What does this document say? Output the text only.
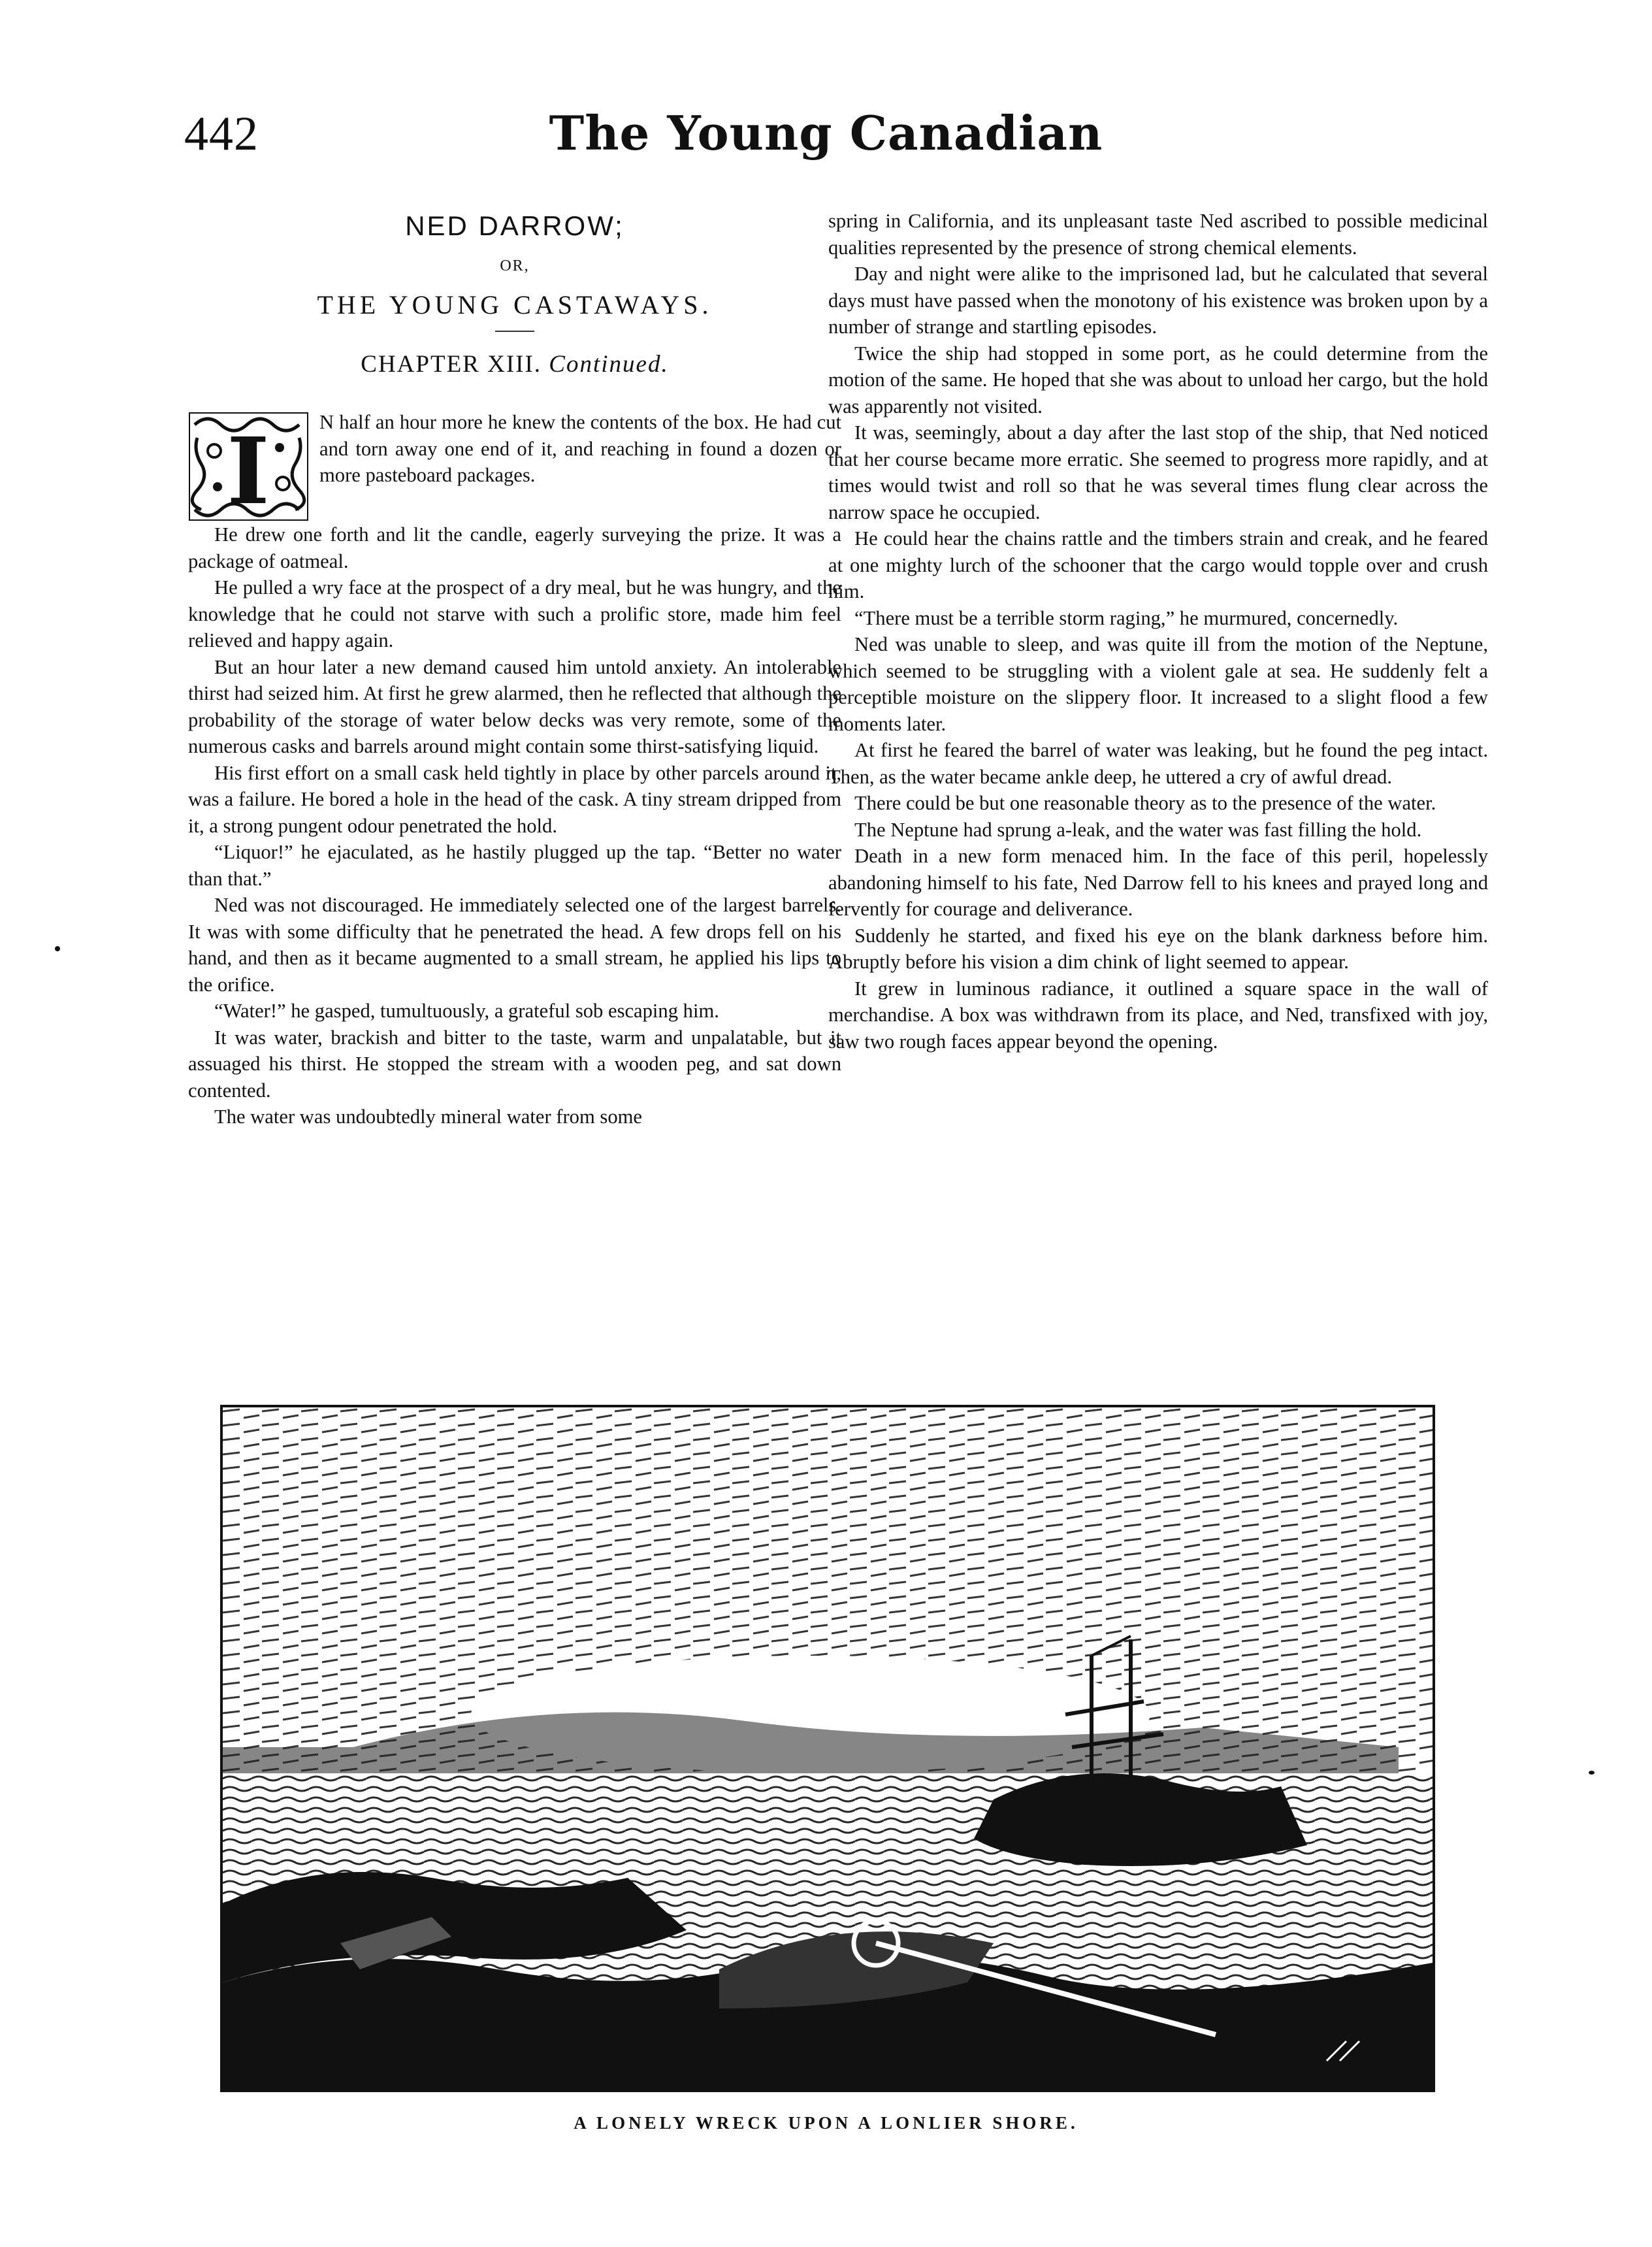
442	The Young Canadian
NED DARROW;
OR,
THE YOUNG CASTAWAYS.
CHAPTER XIII. Continued.
I	N half an hour more he knew the contents of the box. He had cut and torn away one end of it, and reaching in found a dozen or more pasteboard packages.

He drew one forth and lit the candle, eagerly surveying the prize. It was a package of oatmeal.

He pulled a wry face at the prospect of a dry meal, but he was hungry, and the knowledge that he could not starve with such a prolific store, made him feel relieved and happy again.

But an hour later a new demand caused him untold anxiety. An intolerable thirst had seized him. At first he grew alarmed, then he reflected that although the probability of the storage of water below decks was very remote, some of the numerous casks and barrels around might contain some thirst-satisfying liquid.

His first effort on a small cask held tightly in place by other parcels around it, was a failure. He bored a hole in the head of the cask. A tiny stream dripped from it, a strong pungent odour penetrated the hold.

“Liquor!” he ejaculated, as he hastily plugged up the tap. “Better no water than that.”

Ned was not discouraged. He immediately selected one of the largest barrels. It was with some difficulty that he penetrated the head. A few drops fell on his hand, and then as it became augmented to a small stream, he applied his lips to the orifice.

“Water!” he gasped, tumultuously, a grateful sob escaping him.

It was water, brackish and bitter to the taste, warm and unpalatable, but it assuaged his thirst. He stopped the stream with a wooden peg, and sat down contented.

The water was undoubtedly mineral water from some

spring in California, and its unpleasant taste Ned ascribed to possible medicinal qualities represented by the presence of strong chemical elements.

Day and night were alike to the imprisoned lad, but he calculated that several days must have passed when the monotony of his existence was broken upon by a number of strange and startling episodes.

Twice the ship had stopped in some port, as he could determine from the motion of the same. He hoped that she was about to unload her cargo, but the hold was apparently not visited.

It was, seemingly, about a day after the last stop of the ship, that Ned noticed that her course became more erratic. She seemed to progress more rapidly, and at times would twist and roll so that he was several times flung clear across the narrow space he occupied.

He could hear the chains rattle and the timbers strain and creak, and he feared at one mighty lurch of the schooner that the cargo would topple over and crush him.

“There must be a terrible storm raging,” he murmured, concernedly.

Ned was unable to sleep, and was quite ill from the motion of the Neptune, which seemed to be struggling with a violent gale at sea. He suddenly felt a perceptible moisture on the slippery floor. It increased to a slight flood a few moments later.

At first he feared the barrel of water was leaking, but he found the peg intact. Then, as the water became ankle deep, he uttered a cry of awful dread.

There could be but one reasonable theory as to the presence of the water.

The Neptune had sprung a-leak, and the water was fast filling the hold.

Death in a new form menaced him. In the face of this peril, hopelessly abandoning himself to his fate, Ned Darrow fell to his knees and prayed long and fervently for courage and deliverance.

Suddenly he started, and fixed his eye on the blank darkness before him. Abruptly before his vision a dim chink of light seemed to appear.

It grew in luminous radiance, it outlined a square space in the wall of merchandise. A box was withdrawn from its place, and Ned, transfixed with joy, saw two rough faces appear beyond the opening.

A LONELY WRECK UPON A LONLIER SHORE.
